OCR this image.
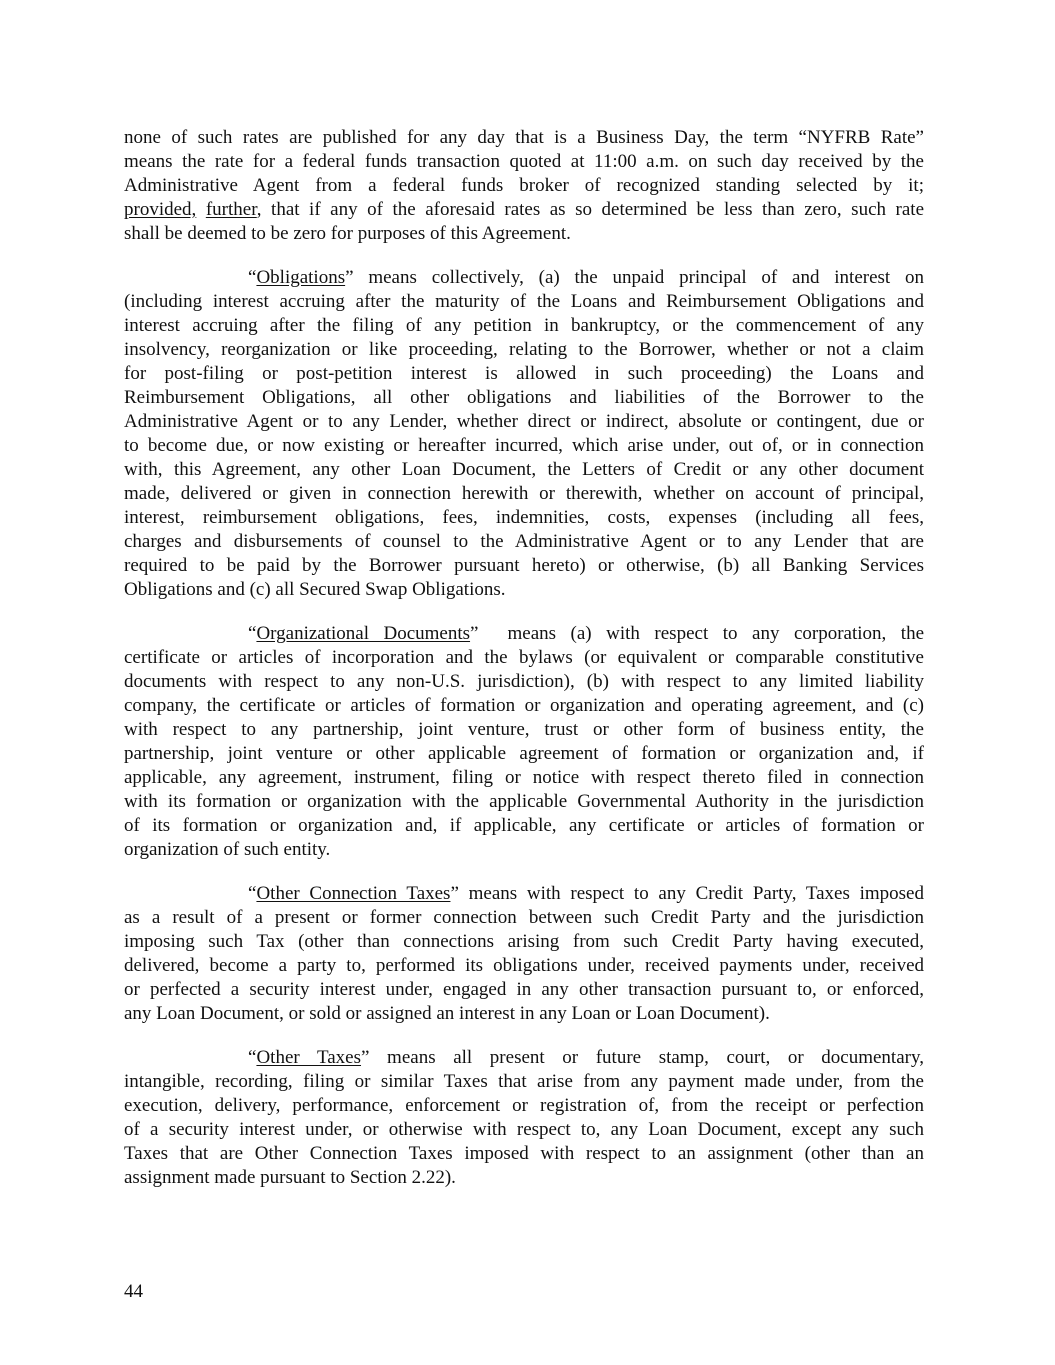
none of such rates are published for any day that is a Business Day, the term “NYFRB Rate”
means the rate for a federal funds transaction quoted at 11:00 a.m. on such day received by the
Administrative Agent from a federal funds broker of recognized standing selected by it;
provided, further, that if any of the aforesaid rates as so determined be less than zero, such rate
shall be deemed to be zero for purposes of this Agreement.
“Obligations” means collectively, (a) the unpaid principal of and interest on
(including interest accruing after the maturity of the Loans and Reimbursement Obligations and
interest accruing after the filing of any petition in bankruptcy, or the commencement of any
insolvency, reorganization or like proceeding, relating to the Borrower, whether or not a claim
for post-filing or post-petition interest is allowed in such proceeding) the Loans and
Reimbursement Obligations, all other obligations and liabilities of the Borrower to the
Administrative Agent or to any Lender, whether direct or indirect, absolute or contingent, due or
to become due, or now existing or hereafter incurred, which arise under, out of, or in connection
with, this Agreement, any other Loan Document, the Letters of Credit or any other document
made, delivered or given in connection herewith or therewith, whether on account of principal,
interest, reimbursement obligations, fees, indemnities, costs, expenses (including all fees,
charges and disbursements of counsel to the Administrative Agent or to any Lender that are
required to be paid by the Borrower pursuant hereto) or otherwise, (b) all Banking Services
Obligations and (c) all Secured Swap Obligations.
“Organizational Documents”  means (a) with respect to any corporation, the
certificate or articles of incorporation and the bylaws (or equivalent or comparable constitutive
documents with respect to any non-U.S. jurisdiction), (b) with respect to any limited liability
company, the certificate or articles of formation or organization and operating agreement, and (c)
with respect to any partnership, joint venture, trust or other form of business entity, the
partnership, joint venture or other applicable agreement of formation or organization and, if
applicable, any agreement, instrument, filing or notice with respect thereto filed in connection
with its formation or organization with the applicable Governmental Authority in the jurisdiction
of its formation or organization and, if applicable, any certificate or articles of formation or
organization of such entity.
“Other Connection Taxes” means with respect to any Credit Party, Taxes imposed
as a result of a present or former connection between such Credit Party and the jurisdiction
imposing such Tax (other than connections arising from such Credit Party having executed,
delivered, become a party to, performed its obligations under, received payments under, received
or perfected a security interest under, engaged in any other transaction pursuant to, or enforced,
any Loan Document, or sold or assigned an interest in any Loan or Loan Document).
“Other Taxes” means all present or future stamp, court, or documentary,
intangible, recording, filing or similar Taxes that arise from any payment made under, from the
execution, delivery, performance, enforcement or registration of, from the receipt or perfection
of a security interest under, or otherwise with respect to, any Loan Document, except any such
Taxes that are Other Connection Taxes imposed with respect to an assignment (other than an
assignment made pursuant to Section 2.22).
44
